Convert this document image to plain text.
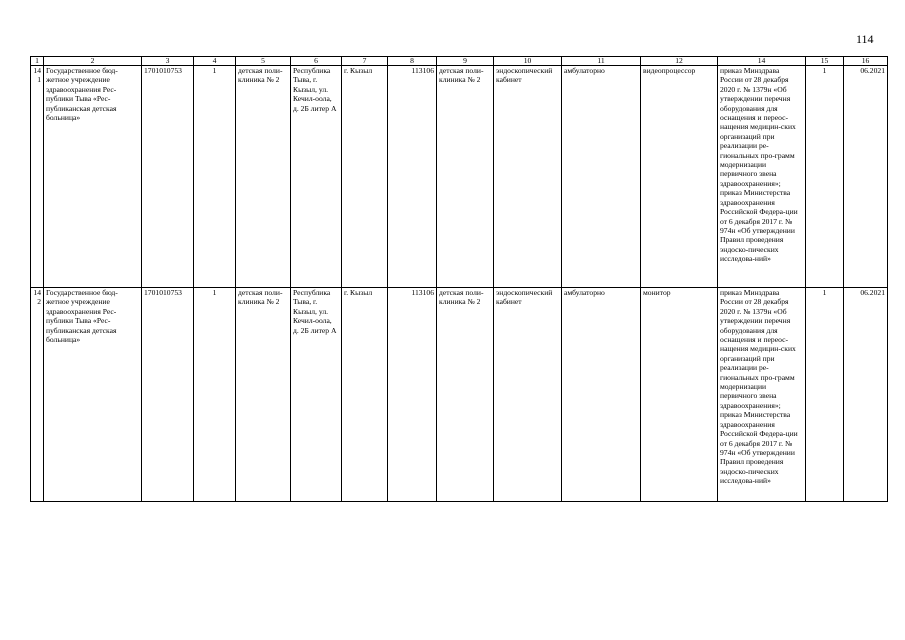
114
1	2	3	4	5	6	7	8	9	10	11	12	14	15	16
141	Государственное бюд-жетное учреждение здравоохранения Рес-публики Тыва «Рес-публиканская детская больница»	1701010753	1	детская поли-клиника № 2	Республика Тыва, г. Кызыл, ул. Кечил-оола, д. 2Б литер А	г. Кызыл	113106	детская поли-клиника № 2	эндоскопический кабинет	амбулаторно	видеопроцессор	приказ Минздрава России от 28 декабря 2020 г. № 1379н «Об утверждении перечня оборудования для оснащения и переос-нащения медицин-ских организаций при реализации ре-гиональных про-грамм модернизации первичного звена здравоохранения»; приказ Министерства здравоохранения Российской Федера-ции от 6 декабря 2017 г. № 974н «Об утверждении Правил проведения эндоско-пических исследова-ний»	1	06.2021
142	Государственное бюд-жетное учреждение здравоохранения Рес-публики Тыва «Рес-публиканская детская больница»	1701010753	1	детская поли-клиника № 2	Республика Тыва, г. Кызыл, ул. Кечил-оола, д. 2Б литер А	г. Кызыл	113106	детская поли-клиника № 2	эндоскопический кабинет	амбулаторно	монитор	приказ Минздрава России от 28 декабря 2020 г. № 1379н «Об утверждении перечня оборудования для оснащения и переос-нащения медицин-ских организаций при реализации ре-гиональных про-грамм модернизации первичного звена здравоохранения»; приказ Министерства здравоохранения Российской Федера-ции от 6 декабря 2017 г. № 974н «Об утверждении Правил проведения эндоско-пических исследова-ний»	1	06.2021
